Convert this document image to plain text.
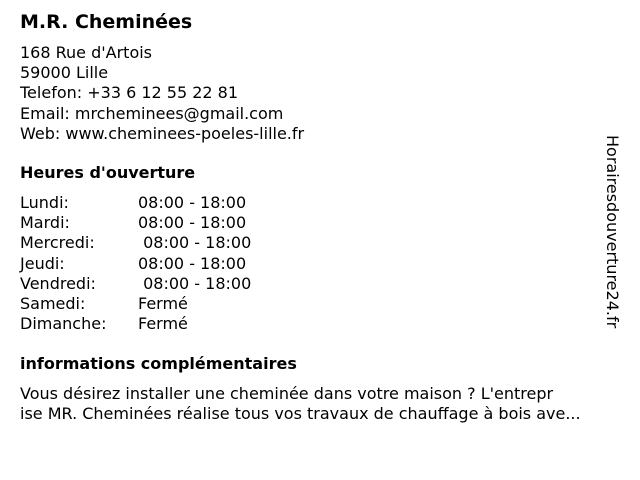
M.R. Cheminées
168 Rue d'Artois
59000 Lille
Telefon: +33 6 12 55 22 81
Email: mrcheminees@gmail.com
Web: www.cheminees-poeles-lille.fr
Heures d'ouverture
Lundi:	08:00 - 18:00
Mardi:	08:00 - 18:00
Mercredi:	08:00 - 18:00
Jeudi:	08:00 - 18:00
Vendredi:	08:00 - 18:00
Samedi:	Fermé
Dimanche:	Fermé
informations complémentaires
Vous désirez installer une cheminée dans votre maison ? L'entrepr
ise MR. Cheminées réalise tous vos travaux de chauffage à bois ave...
Horairesdouverture24.fr
